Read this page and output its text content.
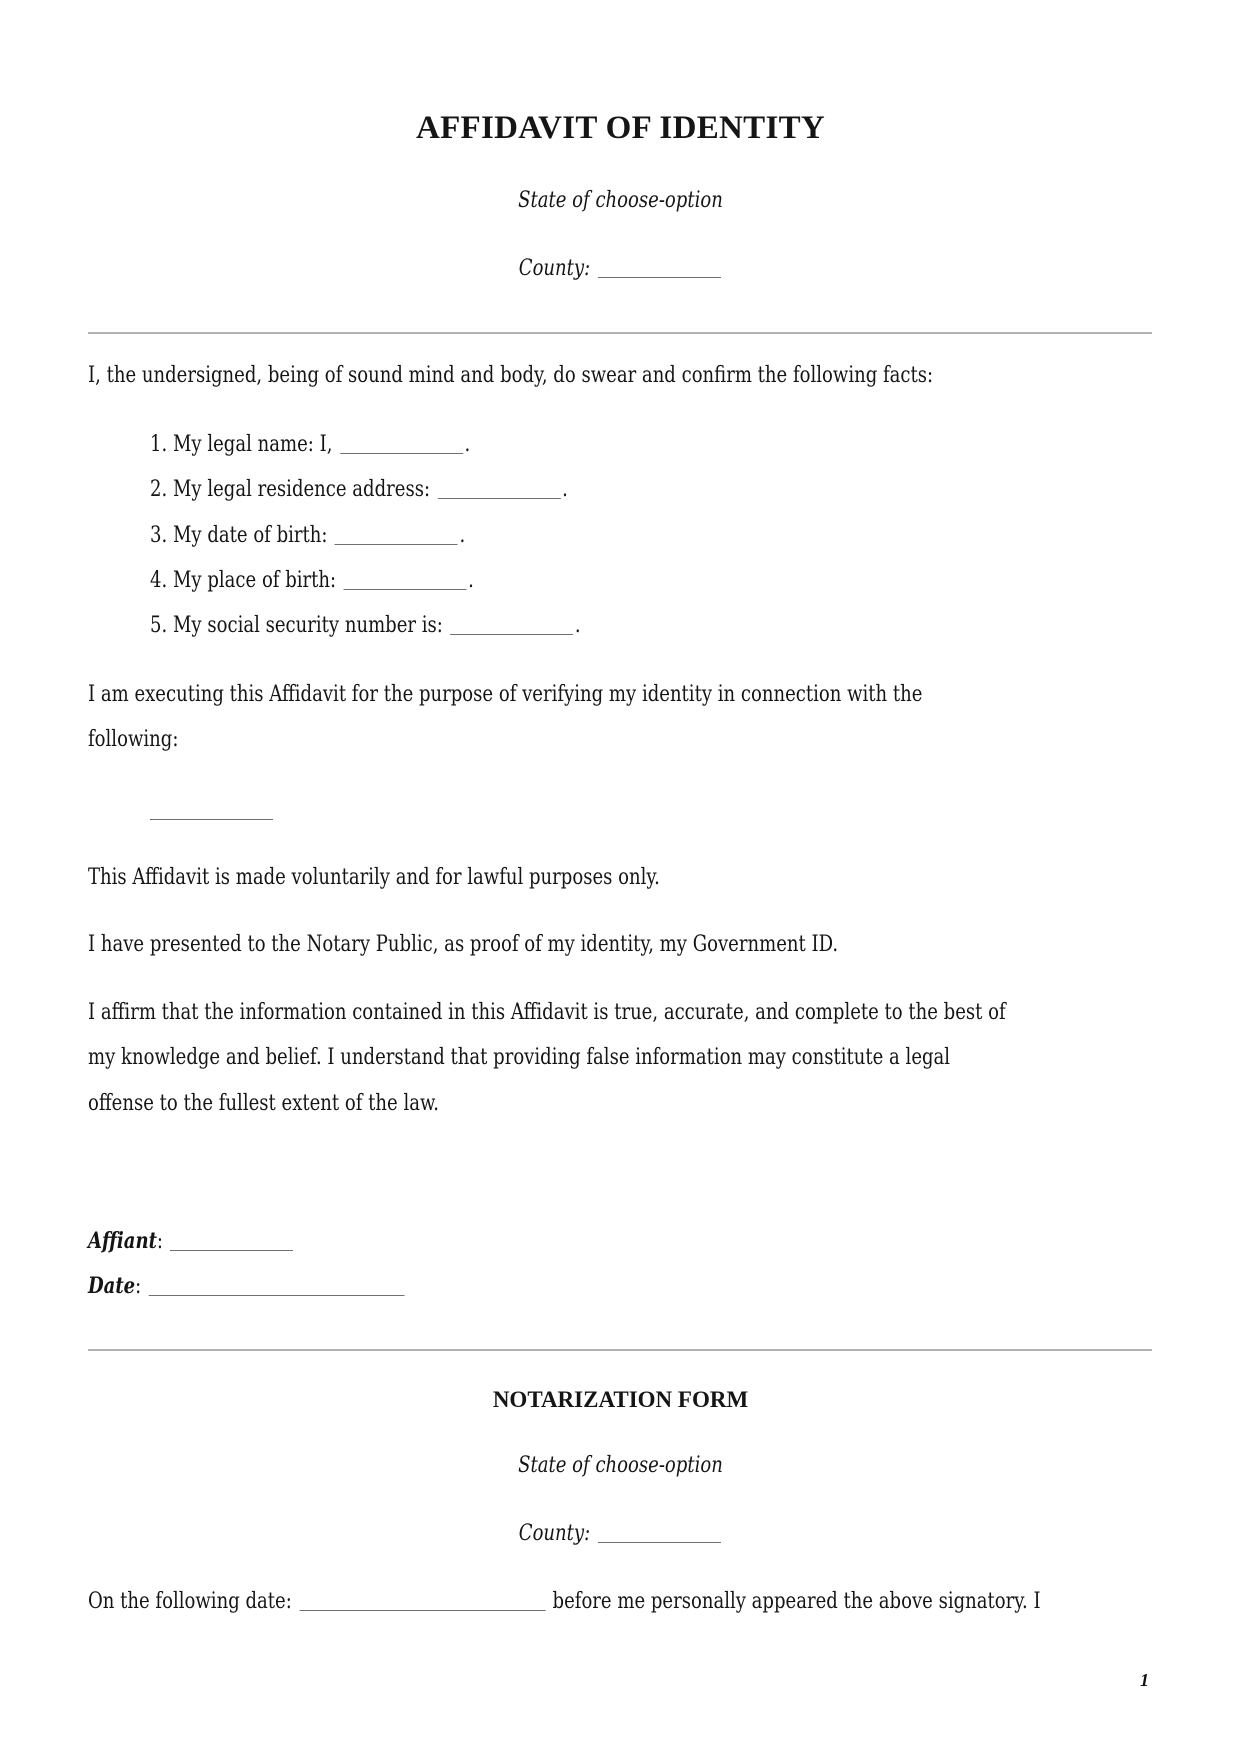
AFFIDAVIT OF IDENTITY
State of choose-option
County:
I, the undersigned, being of sound mind and body, do swear and confirm the following facts:
1. My legal name: I,	.
2. My legal residence address:	.
3. My date of birth:	.
4. My place of birth:	.
5. My social security number is:	.
I am executing this Affidavit for the purpose of verifying my identity in connection with the
following:
This Affidavit is made voluntarily and for lawful purposes only.
I have presented to the Notary Public, as proof of my identity, my Government ID.
I affirm that the information contained in this Affidavit is true, accurate, and complete to the best of
my knowledge and belief. I understand that providing false information may constitute a legal
offense to the fullest extent of the law.
Affiant:
Date:
NOTARIZATION FORM
State of choose-option
County:
On the following date:	before me personally appeared the above signatory. I
1
